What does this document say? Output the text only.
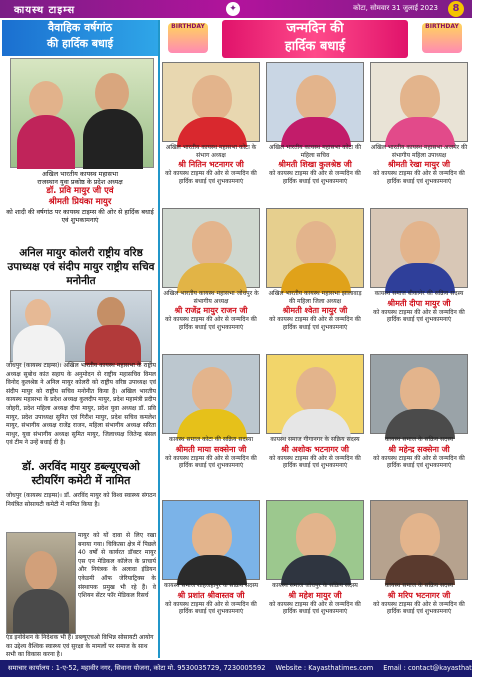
कायस्थ टाइम्स	✦	कोटा, सोमवार 31 जुलाई 2023	8
वैवाहिक वर्षगांठ
की हार्दिक बधाई
अखिल भारतीय कायस्थ महासभा
राजस्थान युवा प्रकोष्ठ के प्रदेश अध्यक्ष
डॉ. प्रवि मायुर जी एवं
श्रीमती प्रियंका मायुर
को शादी की वर्षगांठ पर कायस्थ टाइम्स की ओर से हार्दिक बधाई एवं शुभकामनाएं
अनिल मायुर कोलरी राष्ट्रीय वरिष्ठ उपाध्यक्ष एवं संदीप मायुर राष्ट्रीय सचिव मनोनीत
जोधपुर (कायस्थ टाइम्स)। अखिल भारतीय कायस्थ महासभा के राष्ट्रीय अध्यक्ष सुबोध कांत सहाय के अनुमोदन से राष्ट्रीय महासचिव विमल विनोद कुलश्रेष्ठ ने अनिल मायुर कोलरी को राष्ट्रीय वरिष्ठ उपाध्यक्ष एवं संदीप मायुर को राष्ट्रीय सचिव मनोनीत किया है। अखिल भारतीय कायस्थ महासभा के प्रदेश अध्यक्ष कुलदीप मायुर, प्रदेश महामंत्री प्रदीप जोहरी, प्रदेश महिला अध्यक्ष दीपा मायुर, प्रदेश युवा अध्यक्ष डॉ. प्रवि मायुर, प्रदेश उपाध्यक्ष सुनित एवं गिरीश मायुर, प्रदेश सचिव कमलेश मायुर, संभागीय अध्यक्ष राजेंद्र राजन, महिला संभागीय अध्यक्ष सरिता माथुर, युवा संभागीय अध्यक्ष सुमित मायुर, जिलाध्यक्ष जितेन्द्र बंसल एवं टीम ने उन्हें बधाई दी है।
डॉ. अरविंद मायुर डब्ल्यूएचओ स्टीयरिंग कमेटी में नामित
जोधपुर (कायस्थ टाइम्स)। डॉ. अरविंद मायुर को विश्व स्वास्थ्य संगठन नियंत्रित सोसायटी कमेटी में नामित किया है।
मायुर को यों दावा से लिए रखा बनाया गया। चिकित्सा क्षेत्र में पिछले 40 वर्षों से कार्यरत डॉक्टर मायुर एस एन मेडिकल कॉलेज के प्राचार्य और नियंत्रक के अलावा इंडियन एकेडमी ऑफ जेरियाट्रिक्स के संस्थापक प्रमुख भी रहे हैं। वे एशियन सेंटर फॉर मेडिकल रिसर्च
एंड इनोवेशन के निदेशक भी हैं। डब्ल्यूएचओ विभिन्न सोसायटी आयोग का उद्देश्य वैश्विक स्वास्थ्य एवं सुरक्षा के मामलों पर समाज के साथ सभी का विकास करना है।
BIRTHDAY	जन्मदिन की
हार्दिक बधाई
BIRTHDAY
अखिल भारतीय कायस्थ महासभा कोटा के संभाग अध्यक्ष
श्री नितिन भटनागर जी
को कायस्थ टाइम्स की ओर से जन्मदिन की हार्दिक बधाई एवं शुभकामनाएं
अखिल भारतीय कायस्थ महासभा कोटा की महिला सचिव
श्रीमती शिखा कुलश्रेष्ठ जी
को कायस्थ टाइम्स की ओर से जन्मदिन की हार्दिक बधाई एवं शुभकामनाएं
अखिल भारतीय कायस्थ महासभा अजमेर की संभागीय महिला उपाध्यक्ष
श्रीमती रेखा मायुर जी
को कायस्थ टाइम्स की ओर से जन्मदिन की हार्दिक बधाई एवं शुभकामनाएं
अखिल भारतीय कायस्थ महासभा जोधपुर के संभागीय अध्यक्ष
श्री राजेंद्र मायुर राजन जी
को कायस्थ टाइम्स की ओर से जन्मदिन की हार्दिक बधाई एवं शुभकामनाएं
अखिल भारतीय कायस्थ महासभा झालावाड़ की महिला जिला अध्यक्ष
श्रीमती श्वेता मायुर जी
को कायस्थ टाइम्स की ओर से जन्मदिन की हार्दिक बधाई एवं शुभकामनाएं
कायस्थ समाज बीकानेर की सक्रिय सदस्य
श्रीमती दीपा मायुर जी
को कायस्थ टाइम्स की ओर से जन्मदिन की हार्दिक बधाई एवं शुभकामनाएं
कायस्थ समाज कोटा की सक्रिय सदस्या
श्रीमती माया सक्सेना जी
को कायस्थ टाइम्स की ओर से जन्मदिन की हार्दिक बधाई एवं शुभकामनाएं
कायस्थ समाज गीगानगर के सक्रिय सदस्य
श्री अशोक भटनागर जी
को कायस्थ टाइम्स की ओर से जन्मदिन की हार्दिक बधाई एवं शुभकामनाएं
कायस्थ समाज के सक्रिय सदस्य
श्री महेन्द्र सक्सेना जी
को कायस्थ टाइम्स की ओर से जन्मदिन की हार्दिक बधाई एवं शुभकामनाएं
कायस्थ समाज शाहजहांपुर के सक्रिय सदस्य
श्री प्रशांत श्रीवास्तव जी
को कायस्थ टाइम्स की ओर से जन्मदिन की हार्दिक बधाई एवं शुभकामनाएं
कायस्थ समाज जोधपुर के सक्रिय सदस्य
श्री महेश मायुर जी
को कायस्थ टाइम्स की ओर से जन्मदिन की हार्दिक बधाई एवं शुभकामनाएं
कायस्थ समाज के सक्रिय सदस्य
श्री मरिप भटनागर जी
को कायस्थ टाइम्स की ओर से जन्मदिन की हार्दिक बधाई एवं शुभकामनाएं
समाचार कार्यालय : 1-ए-52, महावीर नगर, सिवाना योजना, कोटा मो. 9530035729, 7230005592 Website : Kayasthatimes.com Email : contact@kayasthatimes.com
